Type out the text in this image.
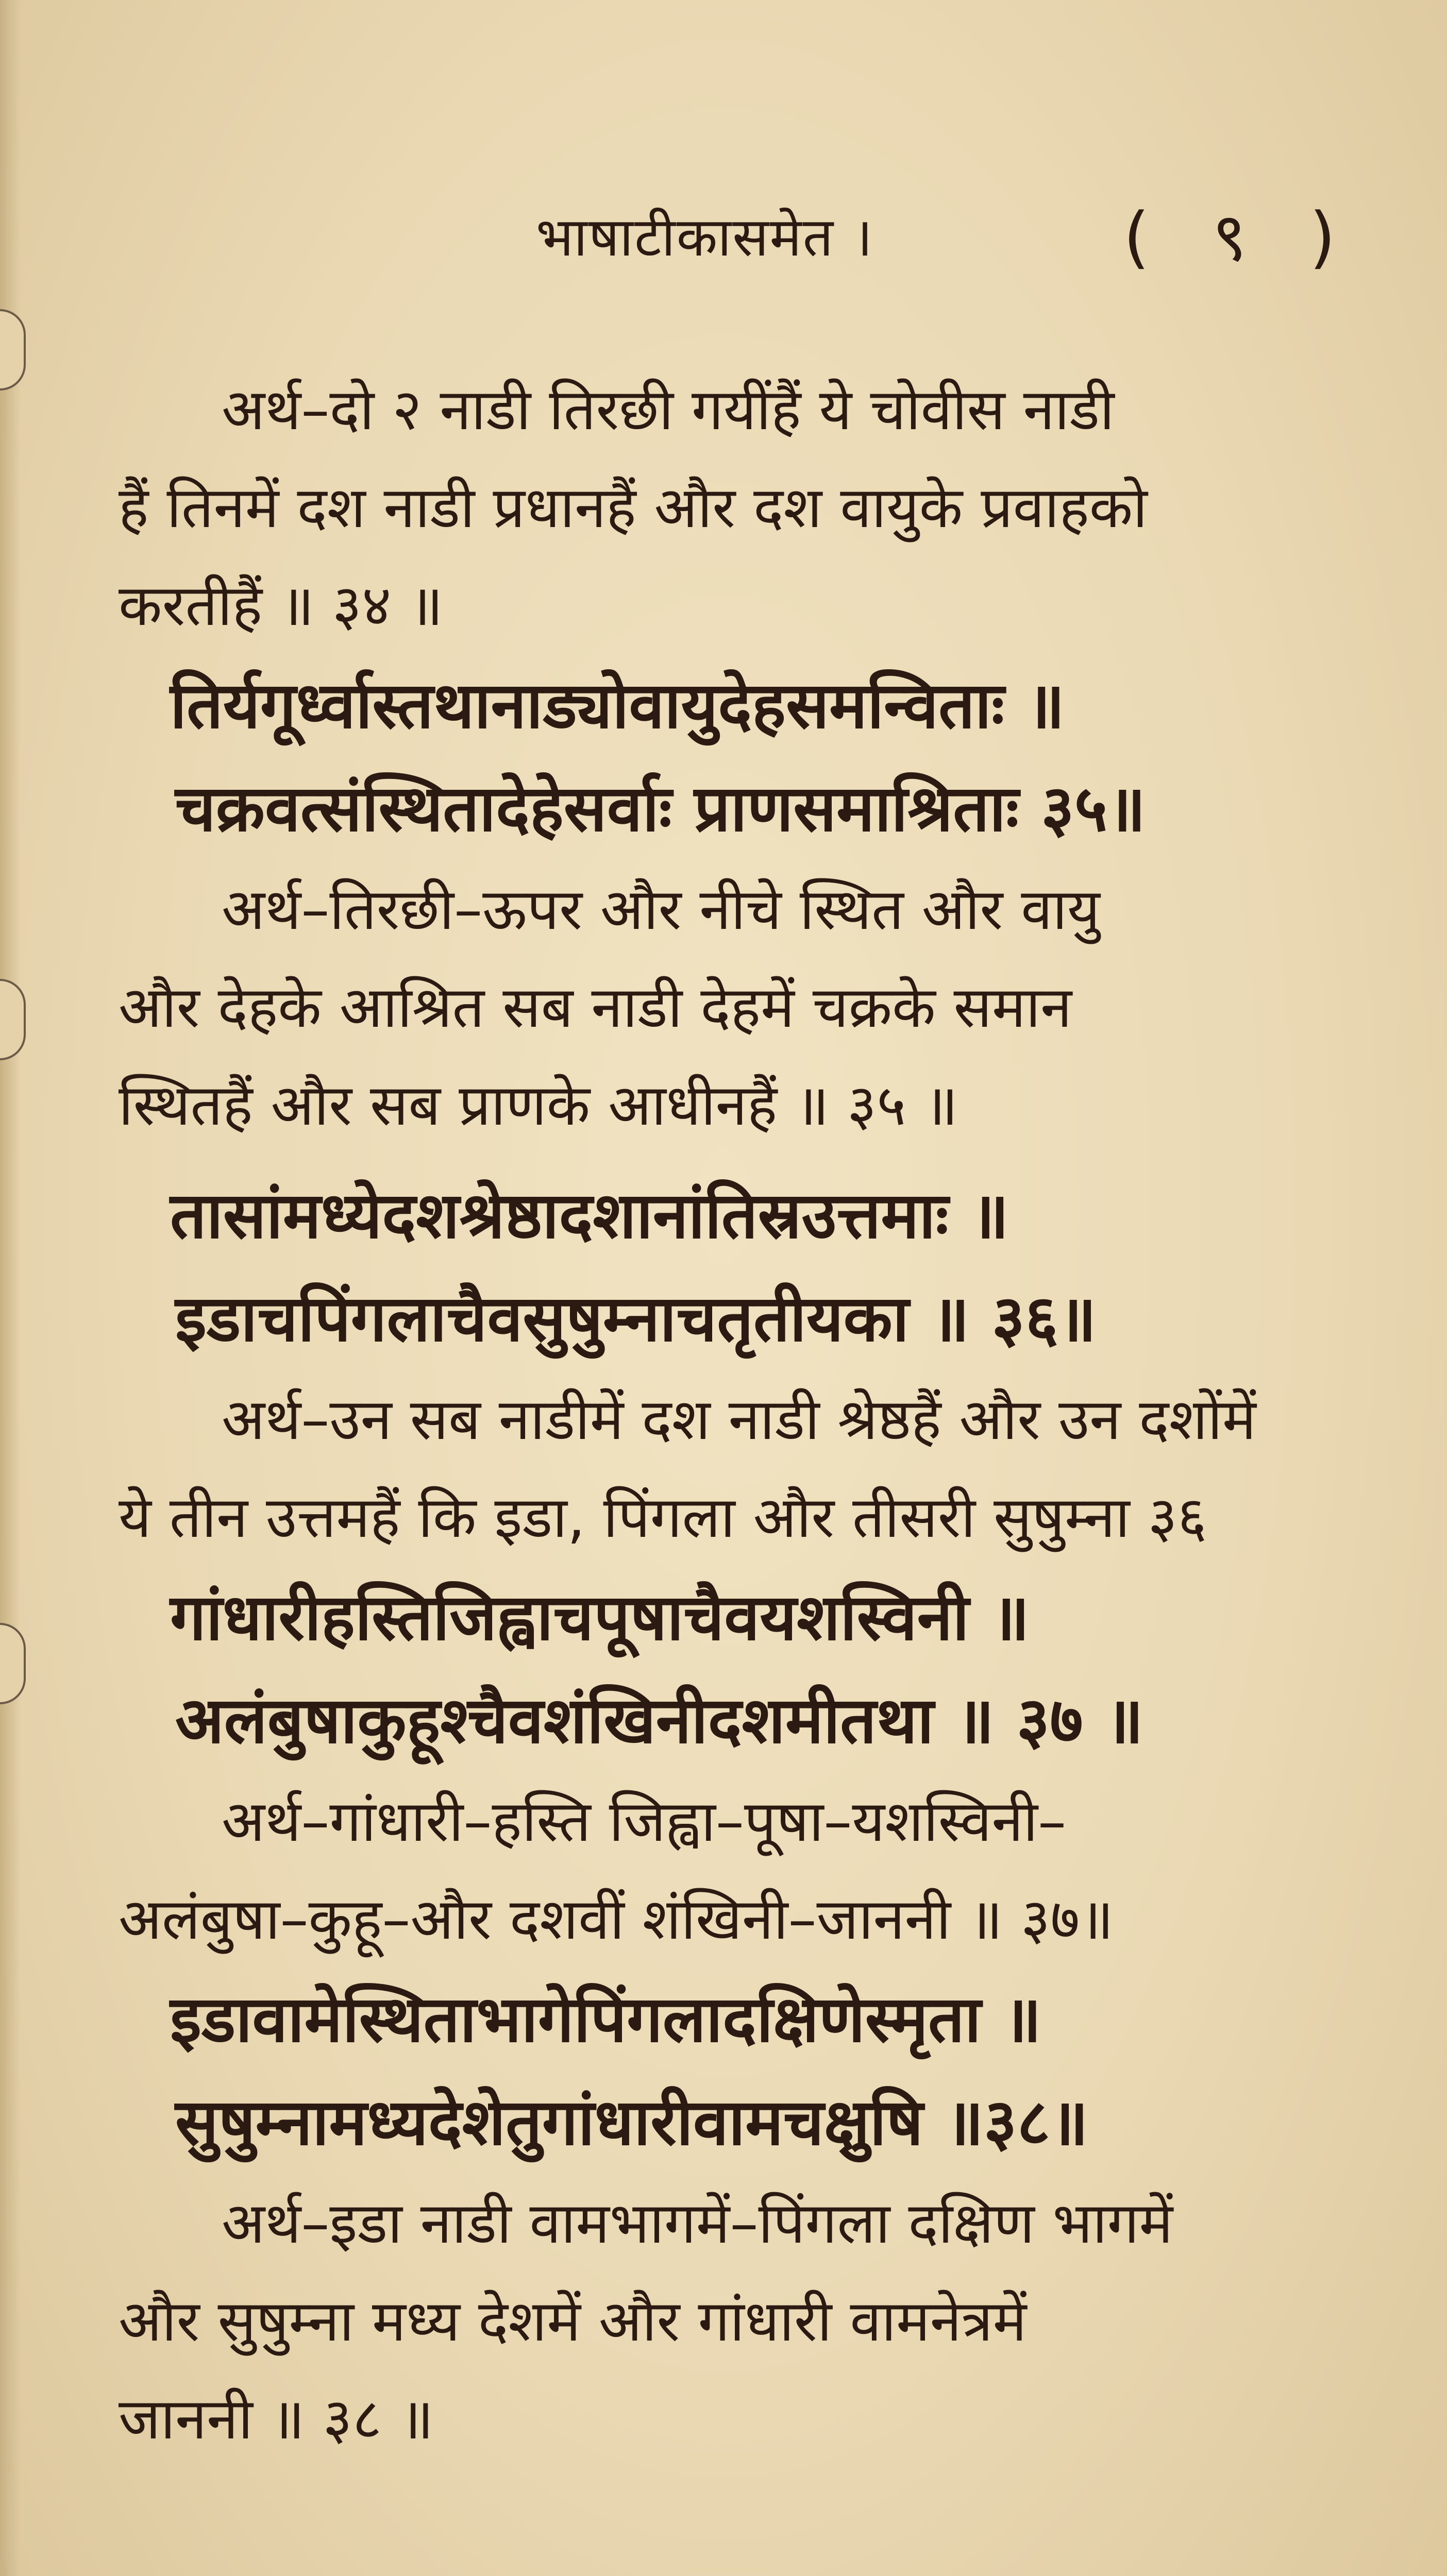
भाषाटीकासमेत ।	( ९ )
अर्थ–दो २ नाडी तिरछी गयींहैं ये चोवीस नाडी
हैं तिनमें दश नाडी प्रधानहैं और दश वायुके प्रवाहको
करतीहैं ॥ ३४ ॥
तिर्यगूर्ध्वास्तथानाड्योवायुदेहसमन्विताः ॥
चक्रवत्संस्थितादेहेसर्वाः प्राणसमाश्रिताः ३५॥
अर्थ–तिरछी–ऊपर और नीचे स्थित और वायु
और देहके आश्रित सब नाडी देहमें चक्रके समान
स्थितहैं और सब प्राणके आधीनहैं ॥ ३५ ॥
तासांमध्येदशश्रेष्ठादशानांतिस्रउत्तमाः ॥
इडाचपिंगलाचैवसुषुम्नाचतृतीयका ॥ ३६॥
अर्थ–उन सब नाडीमें दश नाडी श्रेष्ठहैं और उन दशोंमें
ये तीन उत्तमहैं कि इडा, पिंगला और तीसरी सुषुम्ना ३६
गांधारीहस्तिजिह्वाचपूषाचैवयशस्विनी ॥
अलंबुषाकुहूश्चैवशंखिनीदशमीतथा ॥ ३७ ॥
अर्थ–गांधारी–हस्ति जिह्वा–पूषा–यशस्विनी–
अलंबुषा–कुहू–और दशवीं शंखिनी–जाननी ॥ ३७॥
इडावामेस्थिताभागेपिंगलादक्षिणेस्मृता ॥
सुषुम्नामध्यदेशेतुगांधारीवामचक्षुषि ॥३८॥
अर्थ–इडा नाडी वामभागमें–पिंगला दक्षिण भागमें
और सुषुम्ना मध्य देशमें और गांधारी वामनेत्रमें
जाननी ॥ ३८ ॥
